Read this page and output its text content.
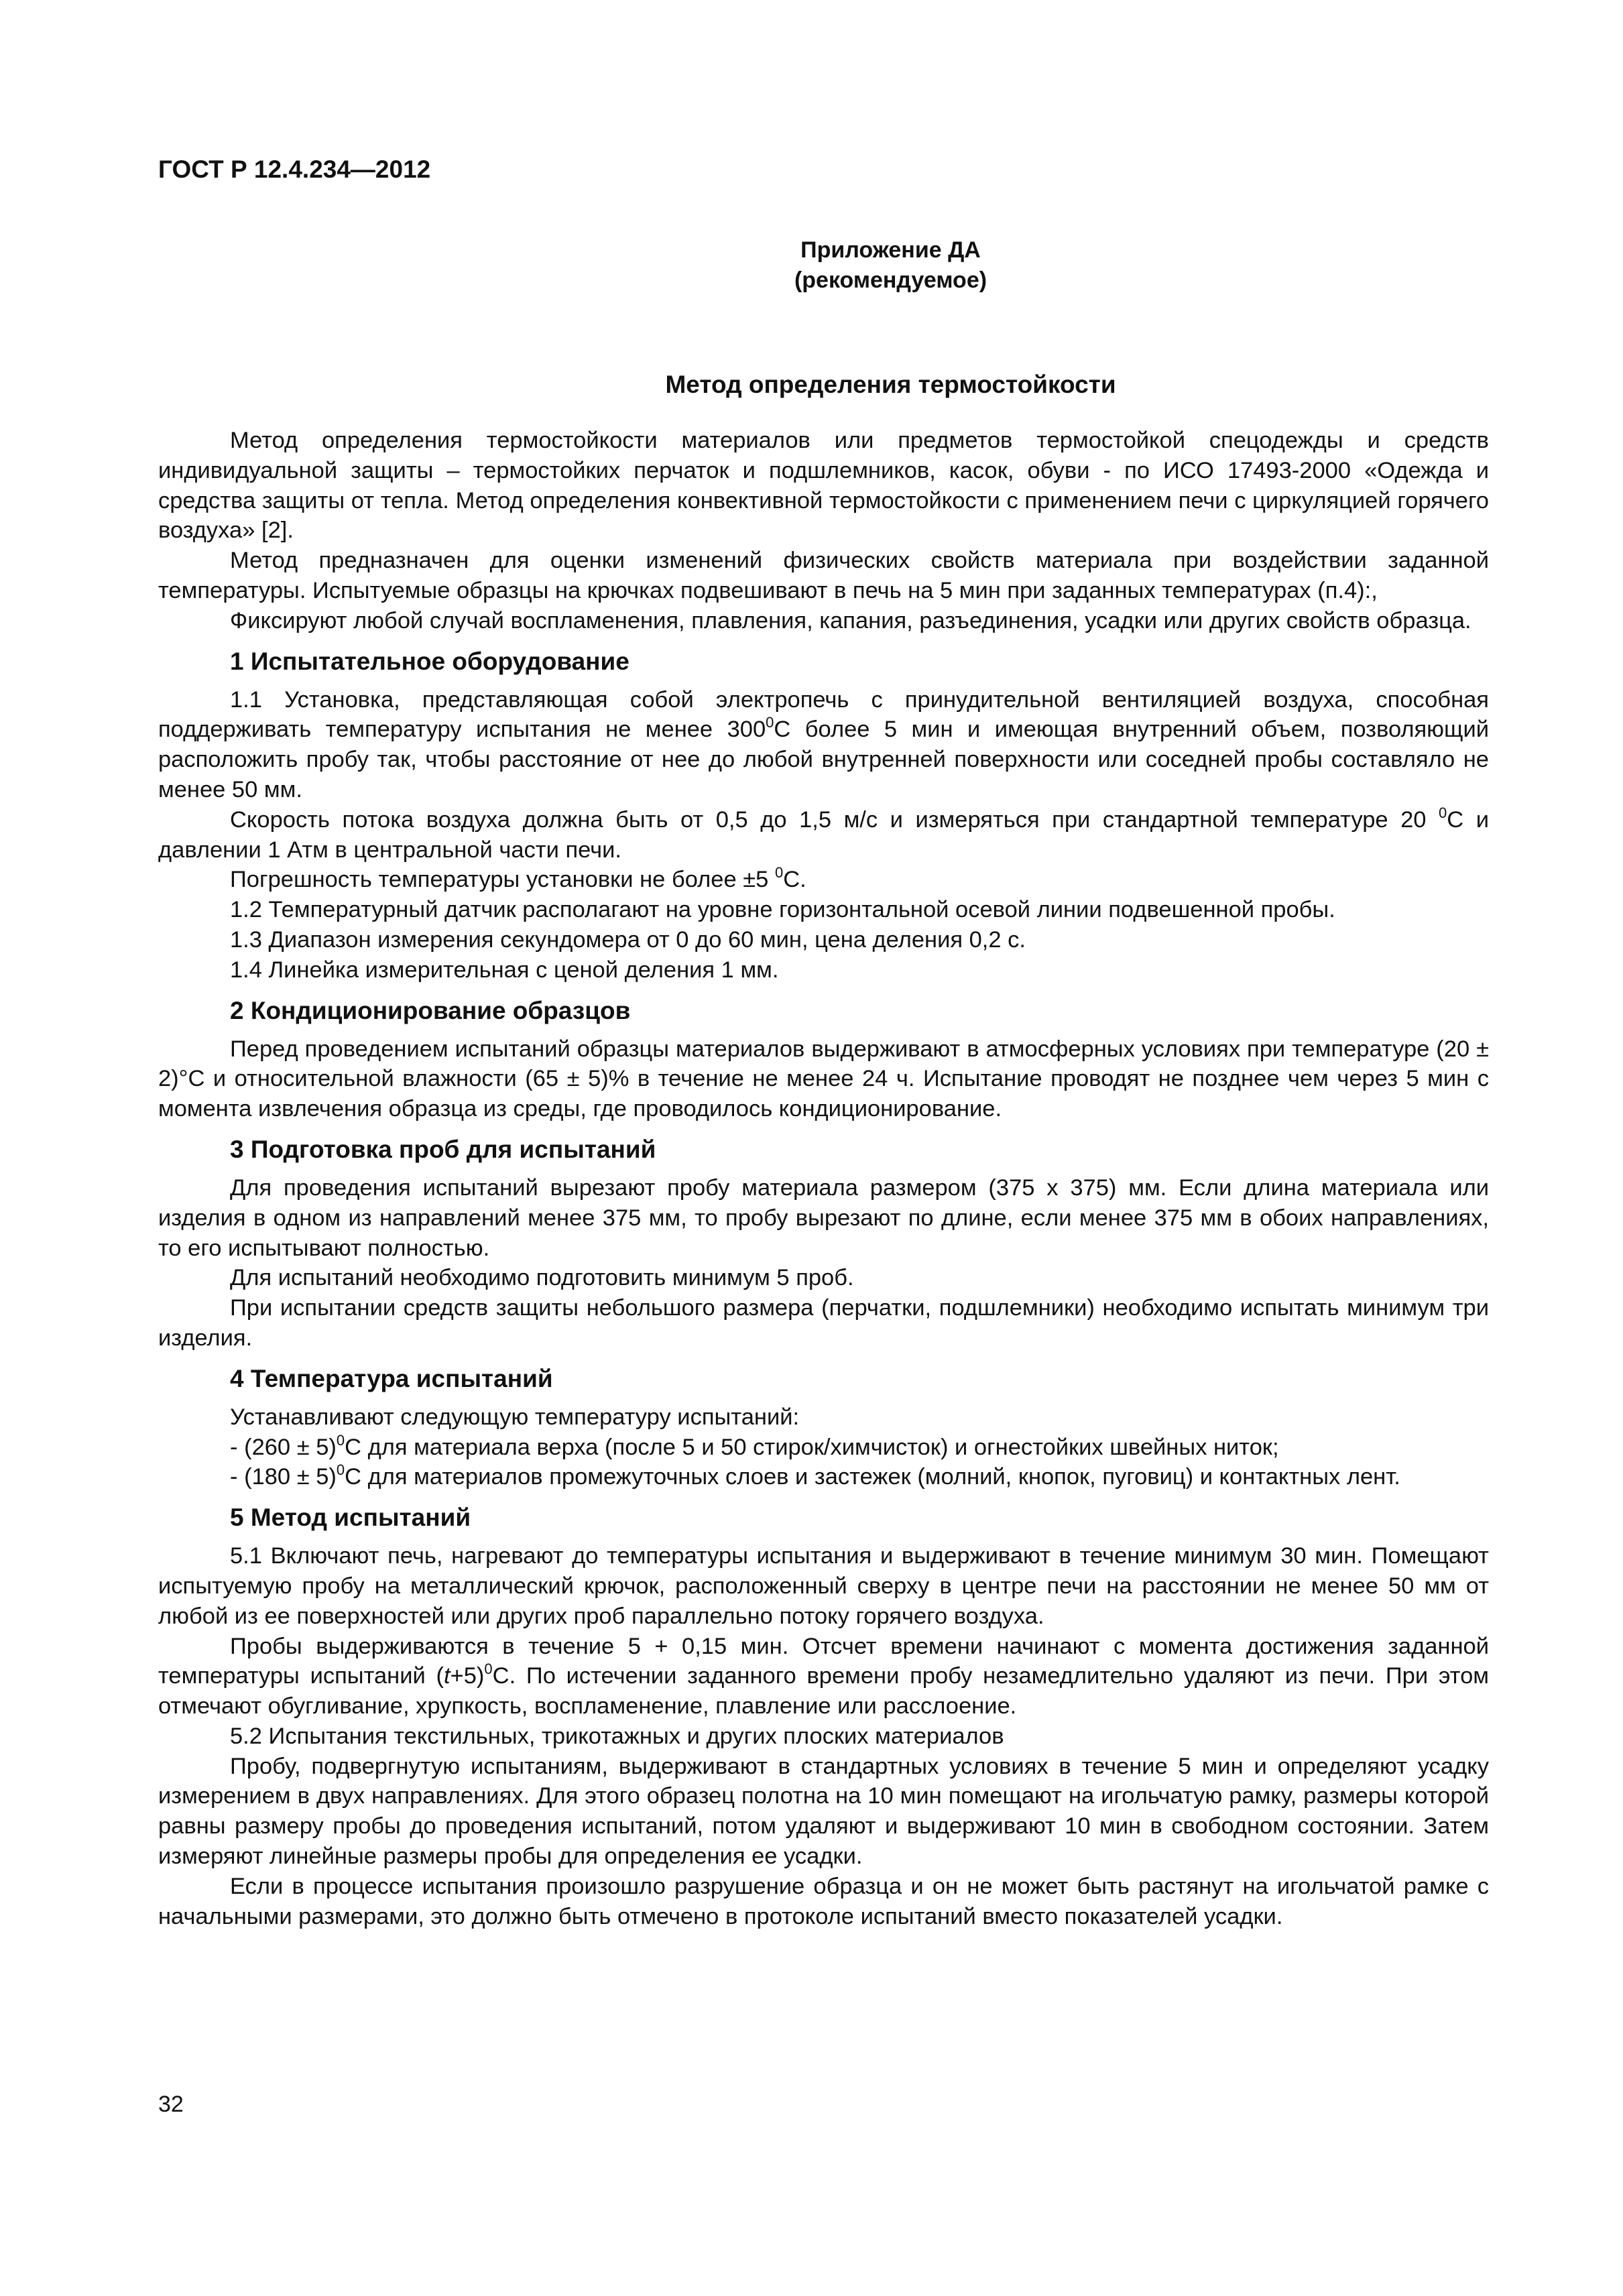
ГОСТ Р 12.4.234—2012
Приложение ДА
(рекомендуемое)
Метод определения термостойкости

Метод определения термостойкости материалов или предметов термостойкой спецодежды и средств индивидуальной защиты – термостойких перчаток и подшлемников, касок, обуви - по ИСО 17493-2000 «Одежда и средства защиты от тепла. Метод определения конвективной термостойкости с применением печи с циркуляцией горячего воздуха» [2].

Метод предназначен для оценки изменений физических свойств материала при воздействии заданной температуры. Испытуемые образцы на крючках подвешивают в печь на 5 мин при заданных температурах (п.4):,

Фиксируют любой случай воспламенения, плавления, капания, разъединения, усадки или других свойств образца.

1 Испытательное оборудование

1.1 Установка, представляющая собой электропечь с принудительной вентиляцией воздуха, способная поддерживать температуру испытания не менее $300^0С$ более 5 мин и имеющая внутренний объем, позволяющий расположить пробу так, чтобы расстояние от нее до любой внутренней поверхности или соседней пробы составляло не менее 50 мм.

Скорость потока воздуха должна быть от 0,5 до 1,5 м/с и измеряться при стандартной температуре 20 $^0$С и давлении 1 Атм в центральной части печи.

Погрешность температуры установки не более ±5 $^0$С.

1.2 Температурный датчик располагают на уровне горизонтальной осевой линии подвешенной пробы.

1.3 Диапазон измерения секундомера от 0 до 60 мин, цена деления 0,2 с.

1.4 Линейка измерительная с ценой деления 1 мм.

2 Кондиционирование образцов

Перед проведением испытаний образцы материалов выдерживают в атмосферных условиях при температуре (20 ± 2)°С и относительной влажности (65 ± 5)% в течение не менее 24 ч. Испытание проводят не позднее чем через 5 мин с момента извлечения образца из среды, где проводилось кондиционирование.

3 Подготовка проб для испытаний

Для проведения испытаний вырезают пробу материала размером (375 х 375) мм. Если длина материала или изделия в одном из направлений менее 375 мм, то пробу вырезают по длине, если менее 375 мм в обоих направлениях, то его испытывают полностью.

Для испытаний необходимо подготовить минимум 5 проб.

При испытании средств защиты небольшого размера (перчатки, подшлемники) необходимо испытать минимум три изделия.

4 Температура испытаний

Устанавливают следующую температуру испытаний:

- $(260 \pm 5)^0С$ для материала верха (после 5 и 50 стирок/химчисток) и огнестойких швейных ниток;

- $(180 \pm 5)^0С$ для материалов промежуточных слоев и застежек (молний, кнопок, пуговиц) и контактных лент.

5 Метод испытаний

5.1 Включают печь, нагревают до температуры испытания и выдерживают в течение минимум 30 мин. Помещают испытуемую пробу на металлический крючок, расположенный сверху в центре печи на расстоянии не менее 50 мм от любой из ее поверхностей или других проб параллельно потоку горячего воздуха.

Пробы выдерживаются в течение 5 + 0,15 мин. Отсчет времени начинают с момента достижения заданной температуры испытаний $(t+5)^0С$. По истечении заданного времени пробу незамедлительно удаляют из печи. При этом отмечают обугливание, хрупкость, воспламенение, плавление или расслоение.

5.2 Испытания текстильных, трикотажных и других плоских материалов

Пробу, подвергнутую испытаниям, выдерживают в стандартных условиях в течение 5 мин и определяют усадку измерением в двух направлениях. Для этого образец полотна на 10 мин помещают на игольчатую рамку, размеры которой равны размеру пробы до проведения испытаний, потом удаляют и выдерживают 10 мин в свободном состоянии. Затем измеряют линейные размеры пробы для определения ее усадки.

Если в процессе испытания произошло разрушение образца и он не может быть растянут на игольчатой рамке с начальными размерами, это должно быть отмечено в протоколе испытаний вместо показателей усадки.

32
